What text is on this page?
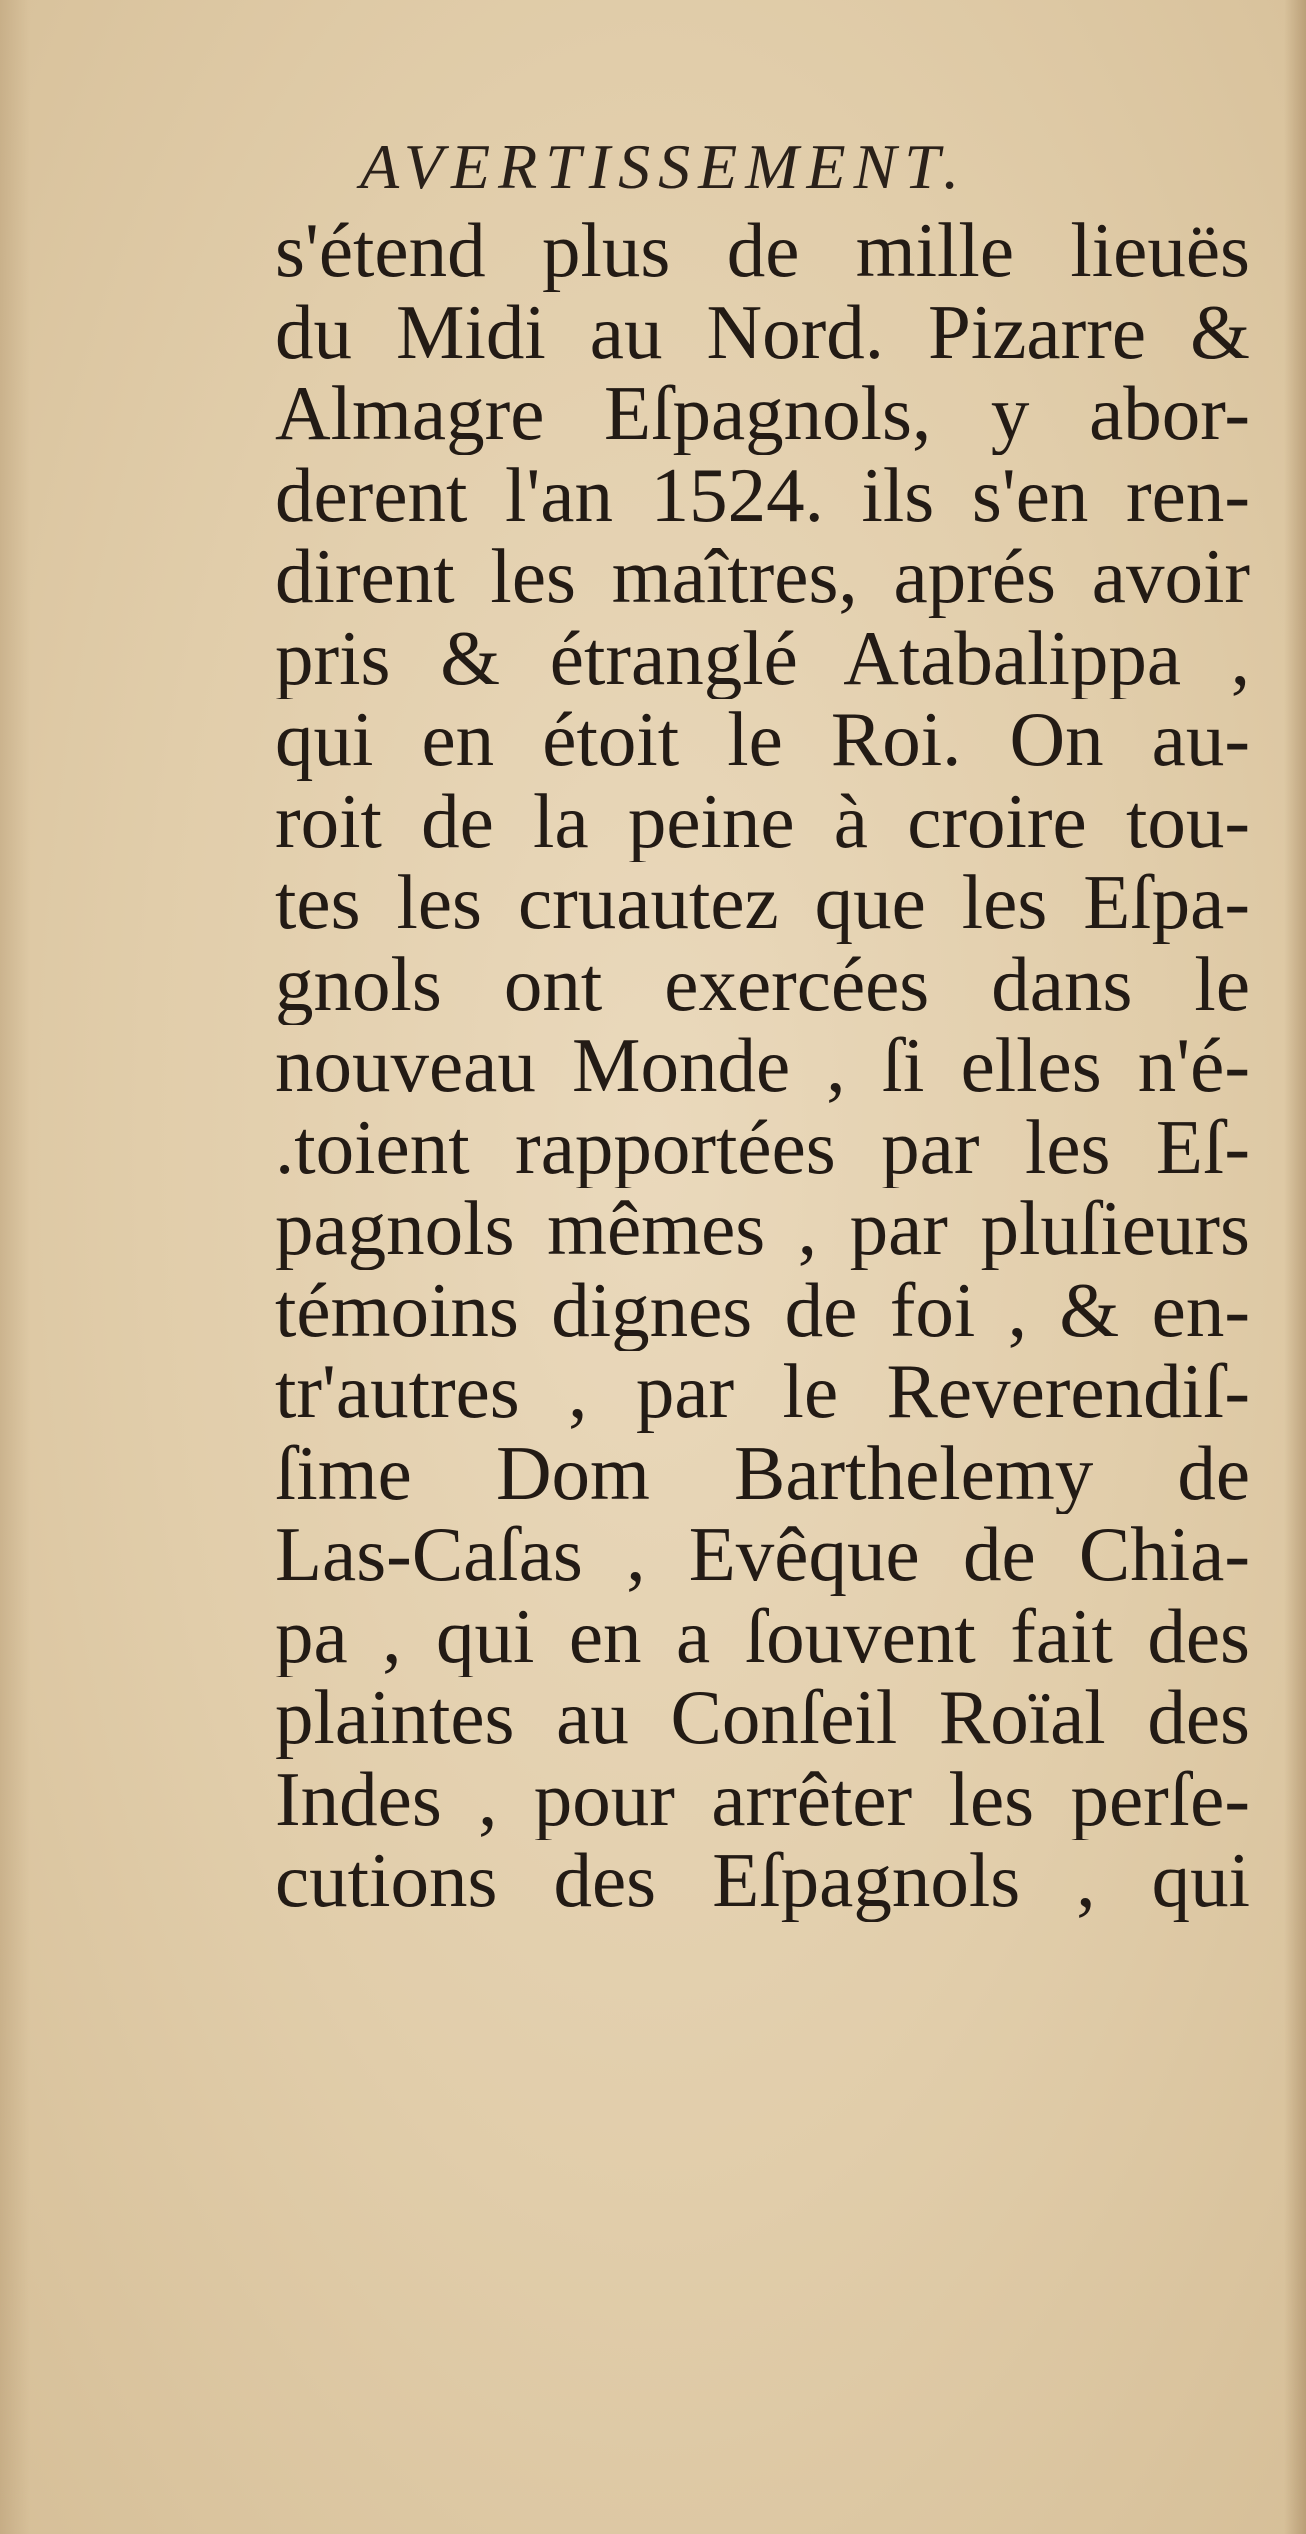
AVERTISSEMENT.
s'étend plus de mille lieuës
du Midi au Nord. Pizarre &
Almagre Eſpagnols, y abor-
derent l'an 1524. ils s'en ren-
dirent les maîtres, aprés avoir
pris & étranglé Atabalippa ,
qui en étoit le Roi. On au-
roit de la peine à croire tou-
tes les cruautez que les Eſpa-
gnols ont exercées dans le
nouveau Monde , ſi elles n'é-
.toient rapportées par les Eſ-
pagnols mêmes , par pluſieurs
témoins dignes de foi , & en-
tr'autres , par le Reverendiſ-
ſime Dom Barthelemy de
Las-Caſas , Evêque de Chia-
pa , qui en a ſouvent fait des
plaintes au Conſeil Roïal des
Indes , pour arrêter les perſe-
cutions des Eſpagnols , qui
